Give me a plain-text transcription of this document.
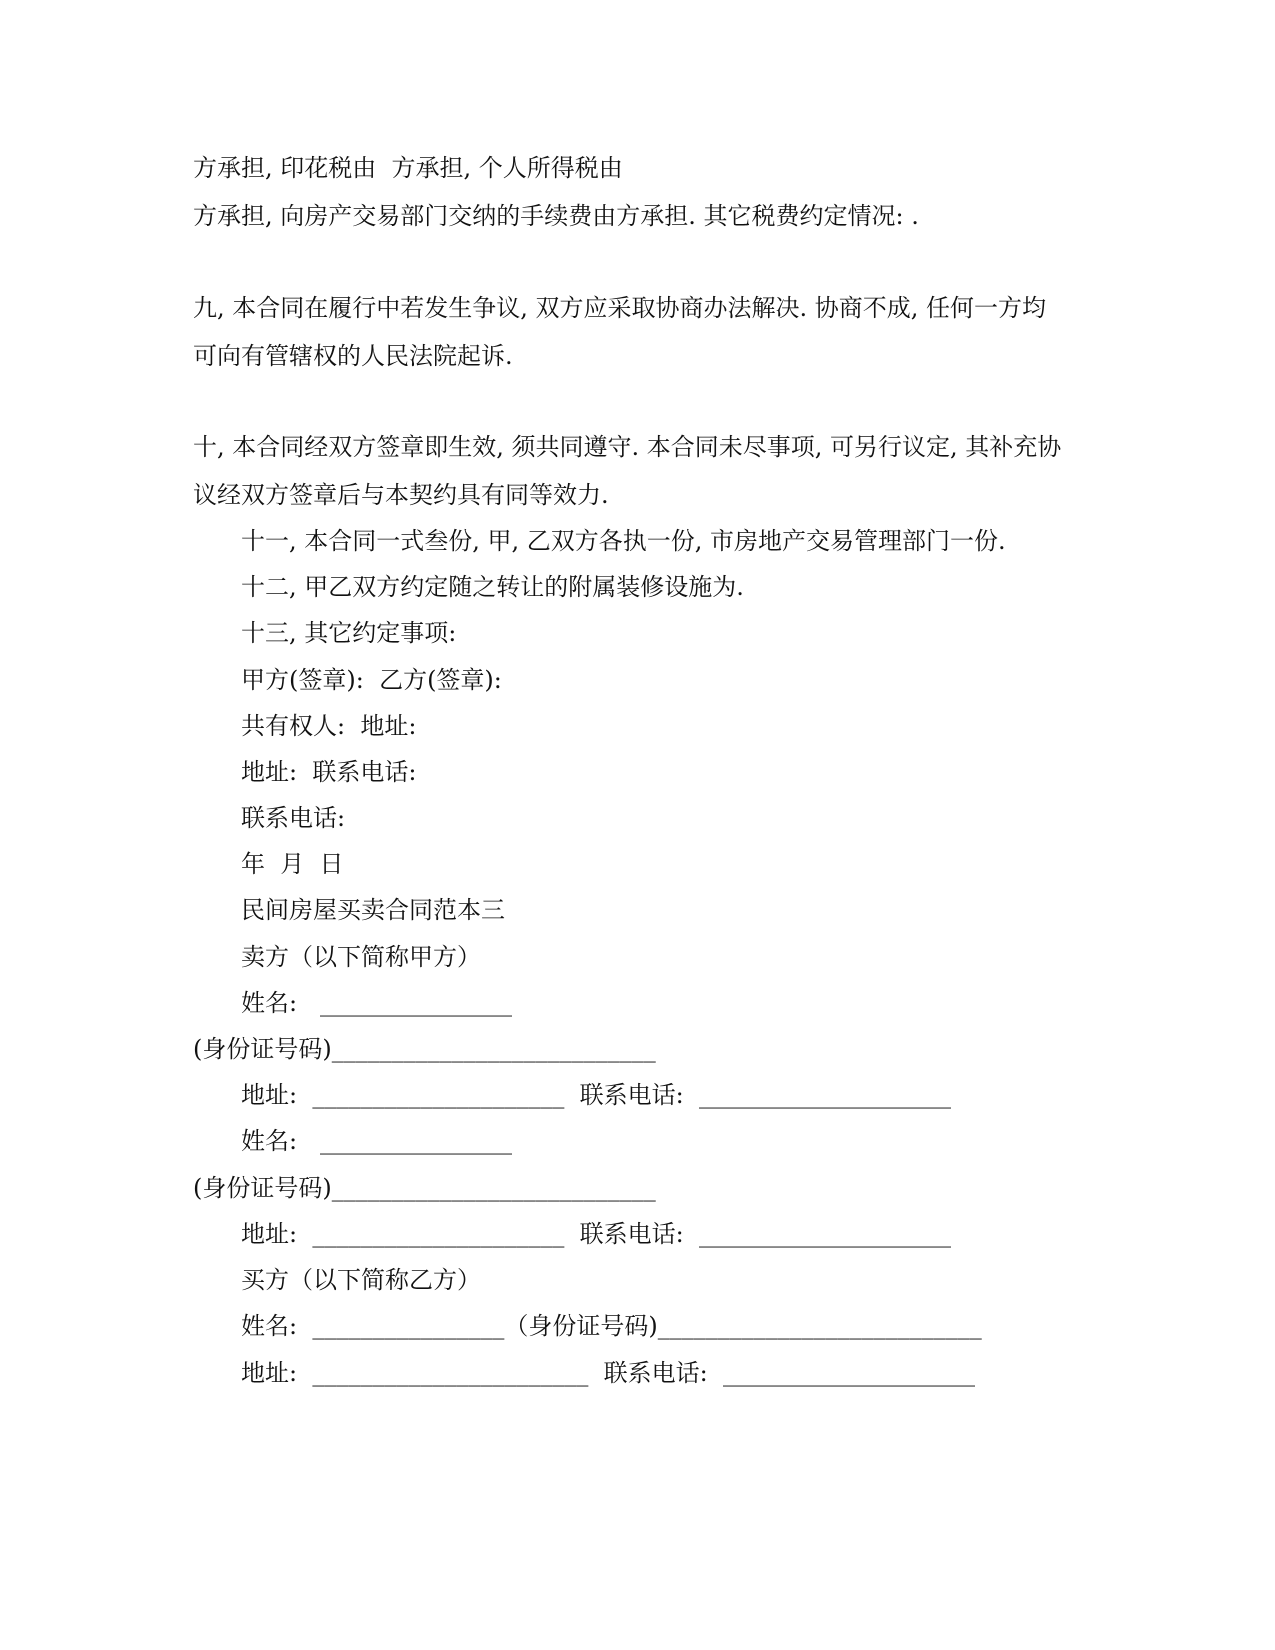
方承担, 印花税由  方承担, 个人所得税由

方承担, 向房产交易部门交纳的手续费由方承担. 其它税费约定情况: .

九, 本合同在履行中若发生争议, 双方应采取协商办法解决. 协商不成, 任何一方均

可向有管辖权的人民法院起诉.

十, 本合同经双方签章即生效, 须共同遵守. 本合同未尽事项, 可另行议定, 其补充协

议经双方签章后与本契约具有同等效力.

十一, 本合同一式叁份, 甲, 乙双方各执一份, 市房地产交易管理部门一份.

十二, 甲乙双方约定随之转让的附属装修设施为.

十三, 其它约定事项:

甲方(签章):  乙方(签章):

共有权人:  地址:

地址:  联系电话:

联系电话:

年  月  日

民间房屋买卖合同范本三

卖方（以下简称甲方）

姓名:   ________________

(身份证号码)___________________________

地址:  _____________________  联系电话:  _____________________

姓名:   ________________

(身份证号码)___________________________

地址:  _____________________  联系电话:  _____________________

买方（以下简称乙方）

姓名:  ________________（身份证号码)___________________________

地址:  _______________________  联系电话:  _____________________
